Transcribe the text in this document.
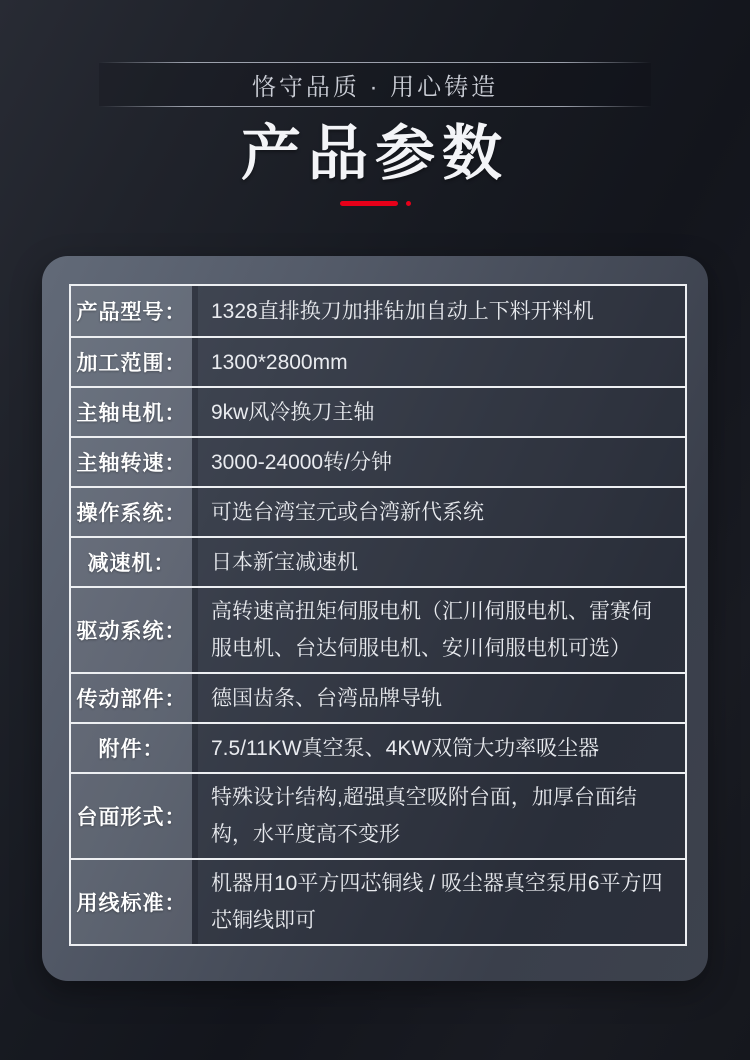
恪守品质 · 用心铸造
产品参数
产品型号：	1328直排换刀加排钻加自动上下料开料机
加工范围：	1300*2800mm
主轴电机：	9kw风冷换刀主轴
主轴转速：	3000-24000转/分钟
操作系统：	可选台湾宝元或台湾新代系统
减速机：	日本新宝减速机
驱动系统：
高转速高扭矩伺服电机（汇川伺服电机、雷赛伺服电机、台达伺服电机、安川伺服电机可选）
传动部件：	德国齿条、台湾品牌导轨
附件：	7.5/11KW真空泵、4KW双筒大功率吸尘器
台面形式：
特殊设计结构,超强真空吸附台面，加厚台面结构，水平度高不变形
用线标准：
机器用10平方四芯铜线 / 吸尘器真空泵用6平方四芯铜线即可
